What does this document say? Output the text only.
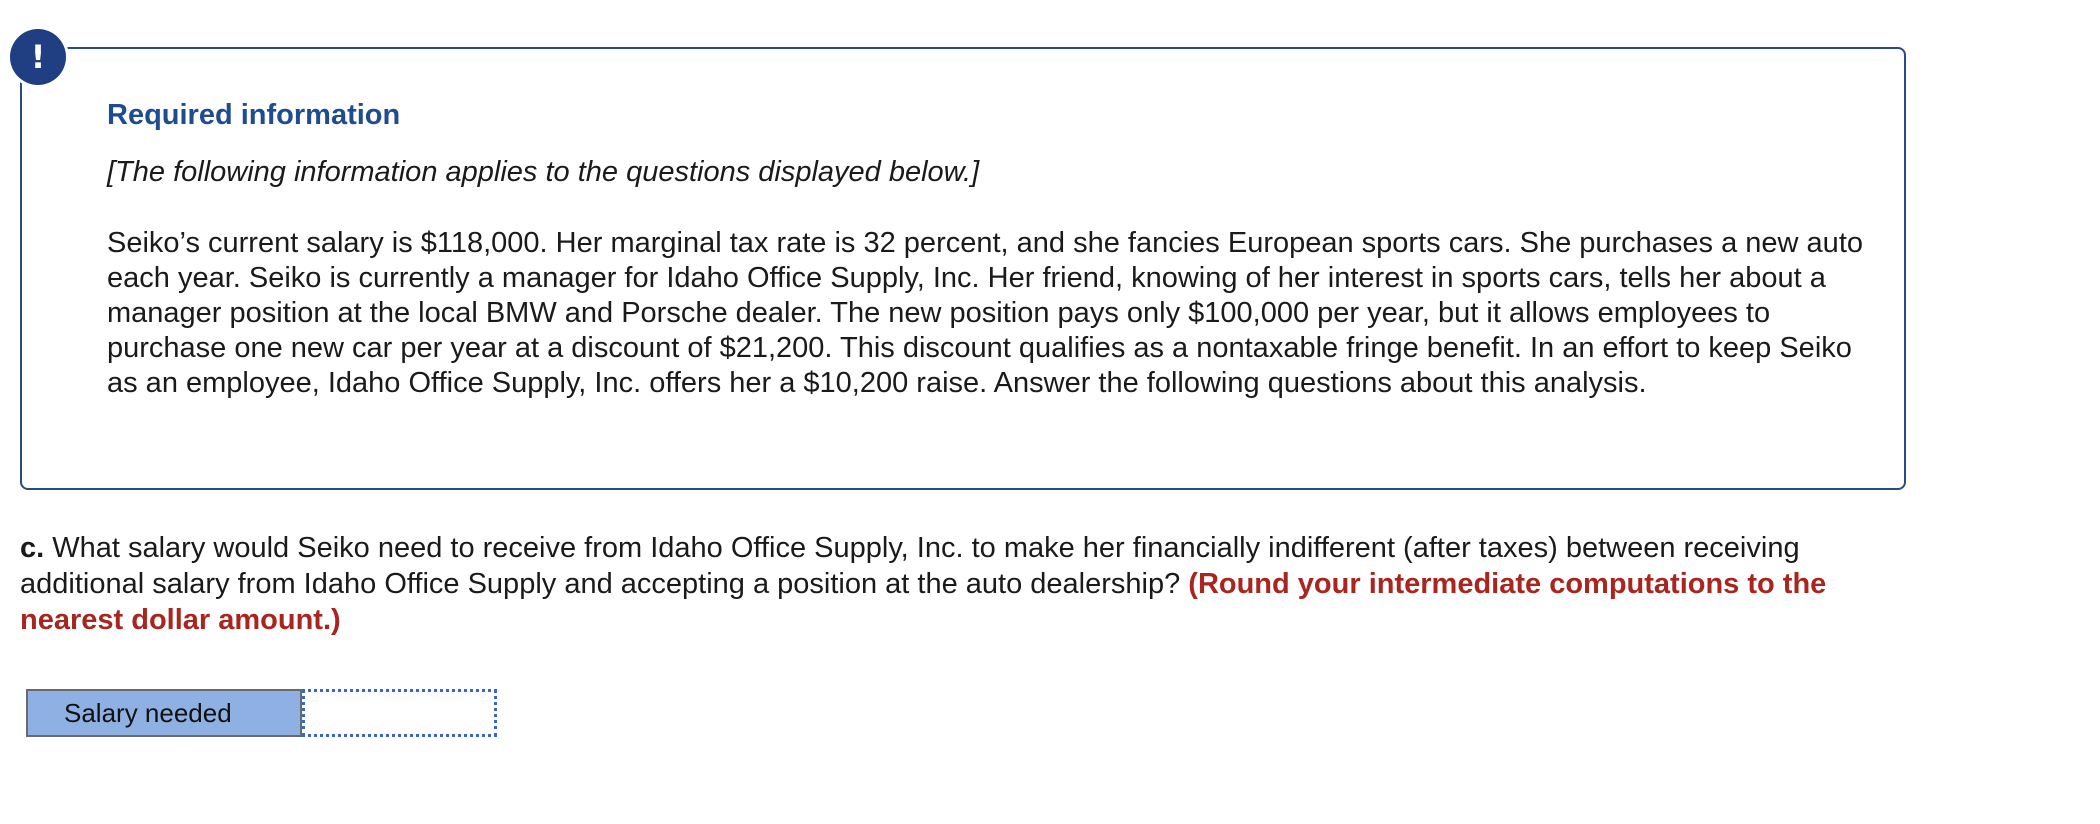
Required information

[The following information applies to the questions displayed below.]

Seiko’s current salary is $118,000. Her marginal tax rate is 32 percent, and she fancies European sports cars. She purchases a new auto each year. Seiko is currently a manager for Idaho Office Supply, Inc. Her friend, knowing of her interest in sports cars, tells her about a manager position at the local BMW and Porsche dealer. The new position pays only $100,000 per year, but it allows employees to purchase one new car per year at a discount of $21,200. This discount qualifies as a nontaxable fringe benefit. In an effort to keep Seiko as an employee, Idaho Office Supply, Inc. offers her a $10,200 raise. Answer the following questions about this analysis.

!

c. What salary would Seiko need to receive from Idaho Office Supply, Inc. to make her financially indifferent (after taxes) between receiving additional salary from Idaho Office Supply and accepting a position at the auto dealership? (Round your intermediate computations to the nearest dollar amount.)

Salary needed
